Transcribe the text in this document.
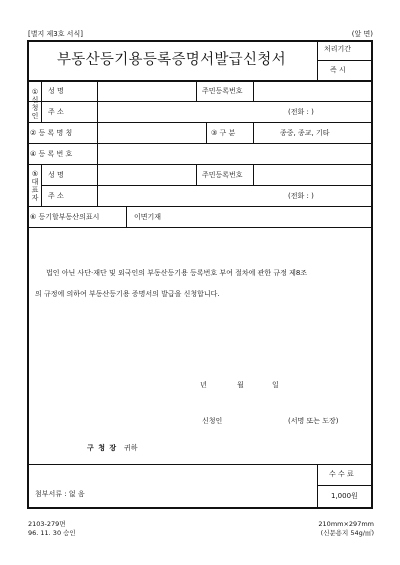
[별지 제3호 서식]	(앞 면)
부동산등기용등록증명서발급신청서
처리기간
즉 시
①신청인
성 명	주민등록번호
주 소	(전화 : )
② 등 록 명 칭	③ 구 분	종중, 종교, 기타
④ 등 록 번 호
⑤대표자
성 명	주민등록번호
주 소	(전화 : )
⑥ 등기할부동산의표시	이면기재
법인 아닌 사단·재단 및 외국인의 부동산등기용 등록번호 부여 절차에 관한 규정 제8조
의 규정에 의하여 부동산등기용 증명서의 발급을 신청합니다.
년	월	일
신청인	(서명 또는 도장)
구 청 장 귀하
첨부서류 : 없 음
수 수 료
1,000원
2103-279면
96. 11. 30 승인
210mm×297mm
(신문용지 54g/㎡)
